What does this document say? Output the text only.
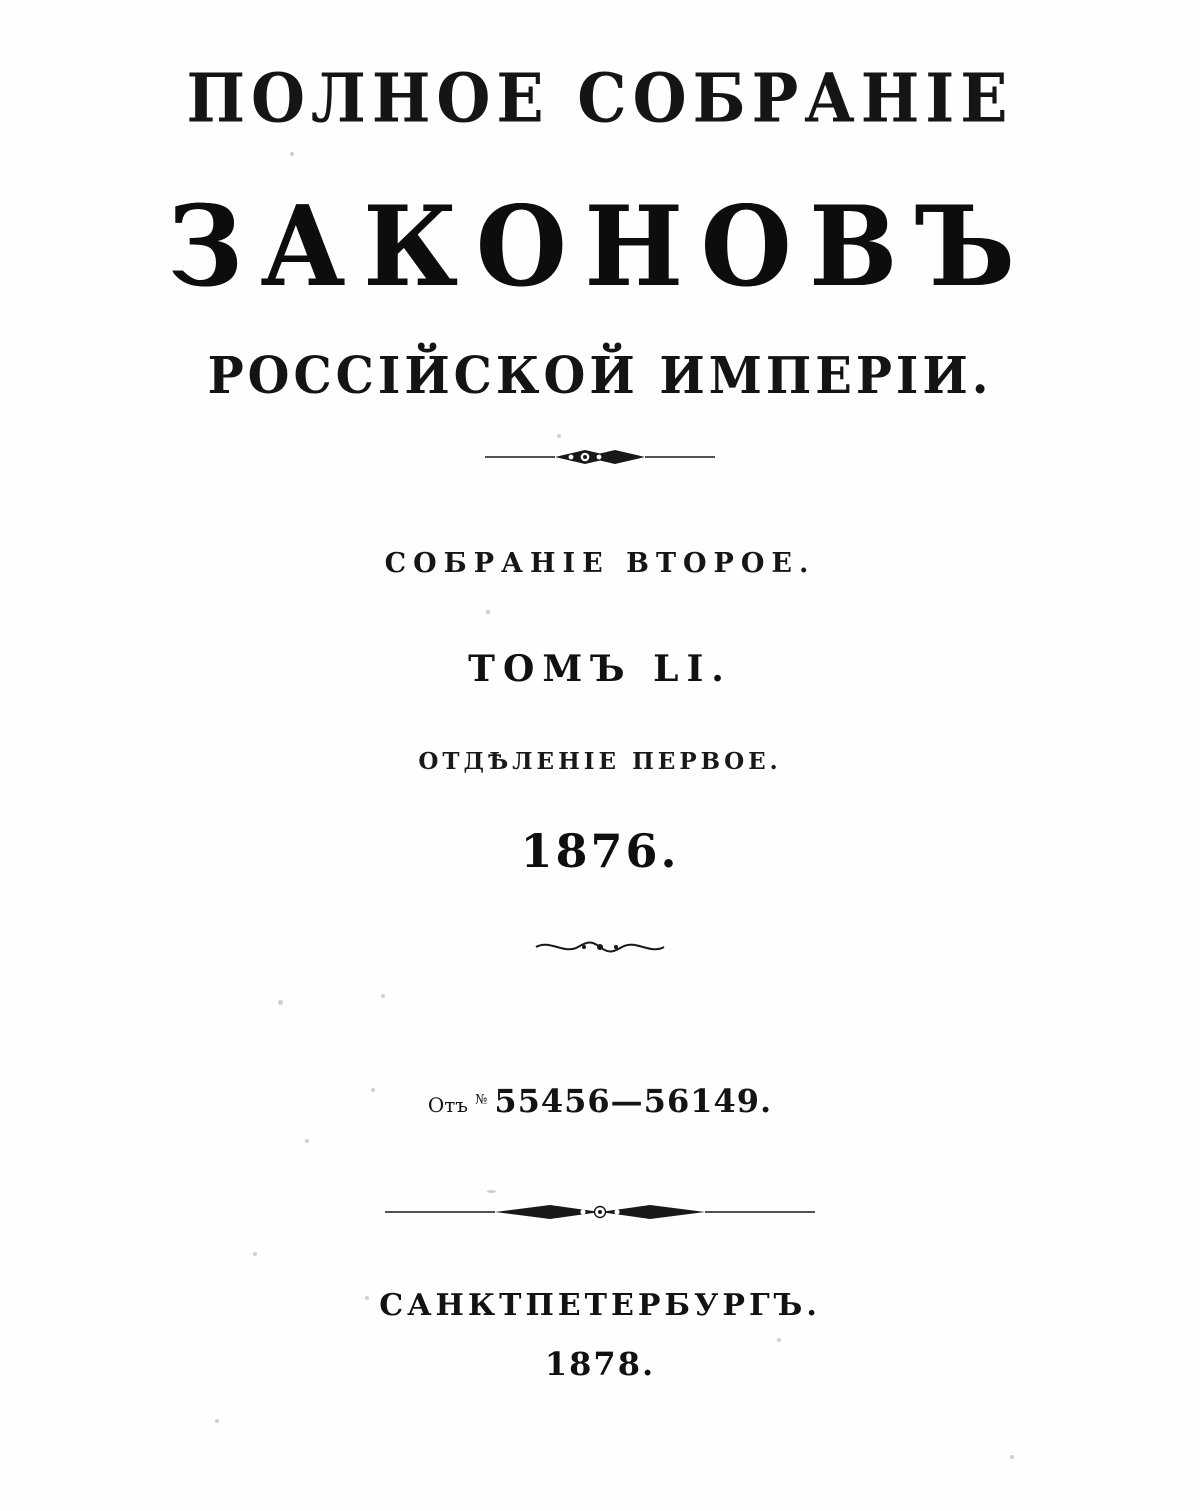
ПОЛНОЕ СОБРАНІЕ
ЗАКОНОВЪ
РОССІЙСКОЙ ИМПЕРІИ.
СОБРАНІЕ ВТОРОЕ.
ТОМЪ LI.
ОТДѢЛЕНІЕ ПЕРВОЕ.
1876.
Отъ № 55456—56149.
САНКТПЕТЕРБУРГЪ.
1878.
